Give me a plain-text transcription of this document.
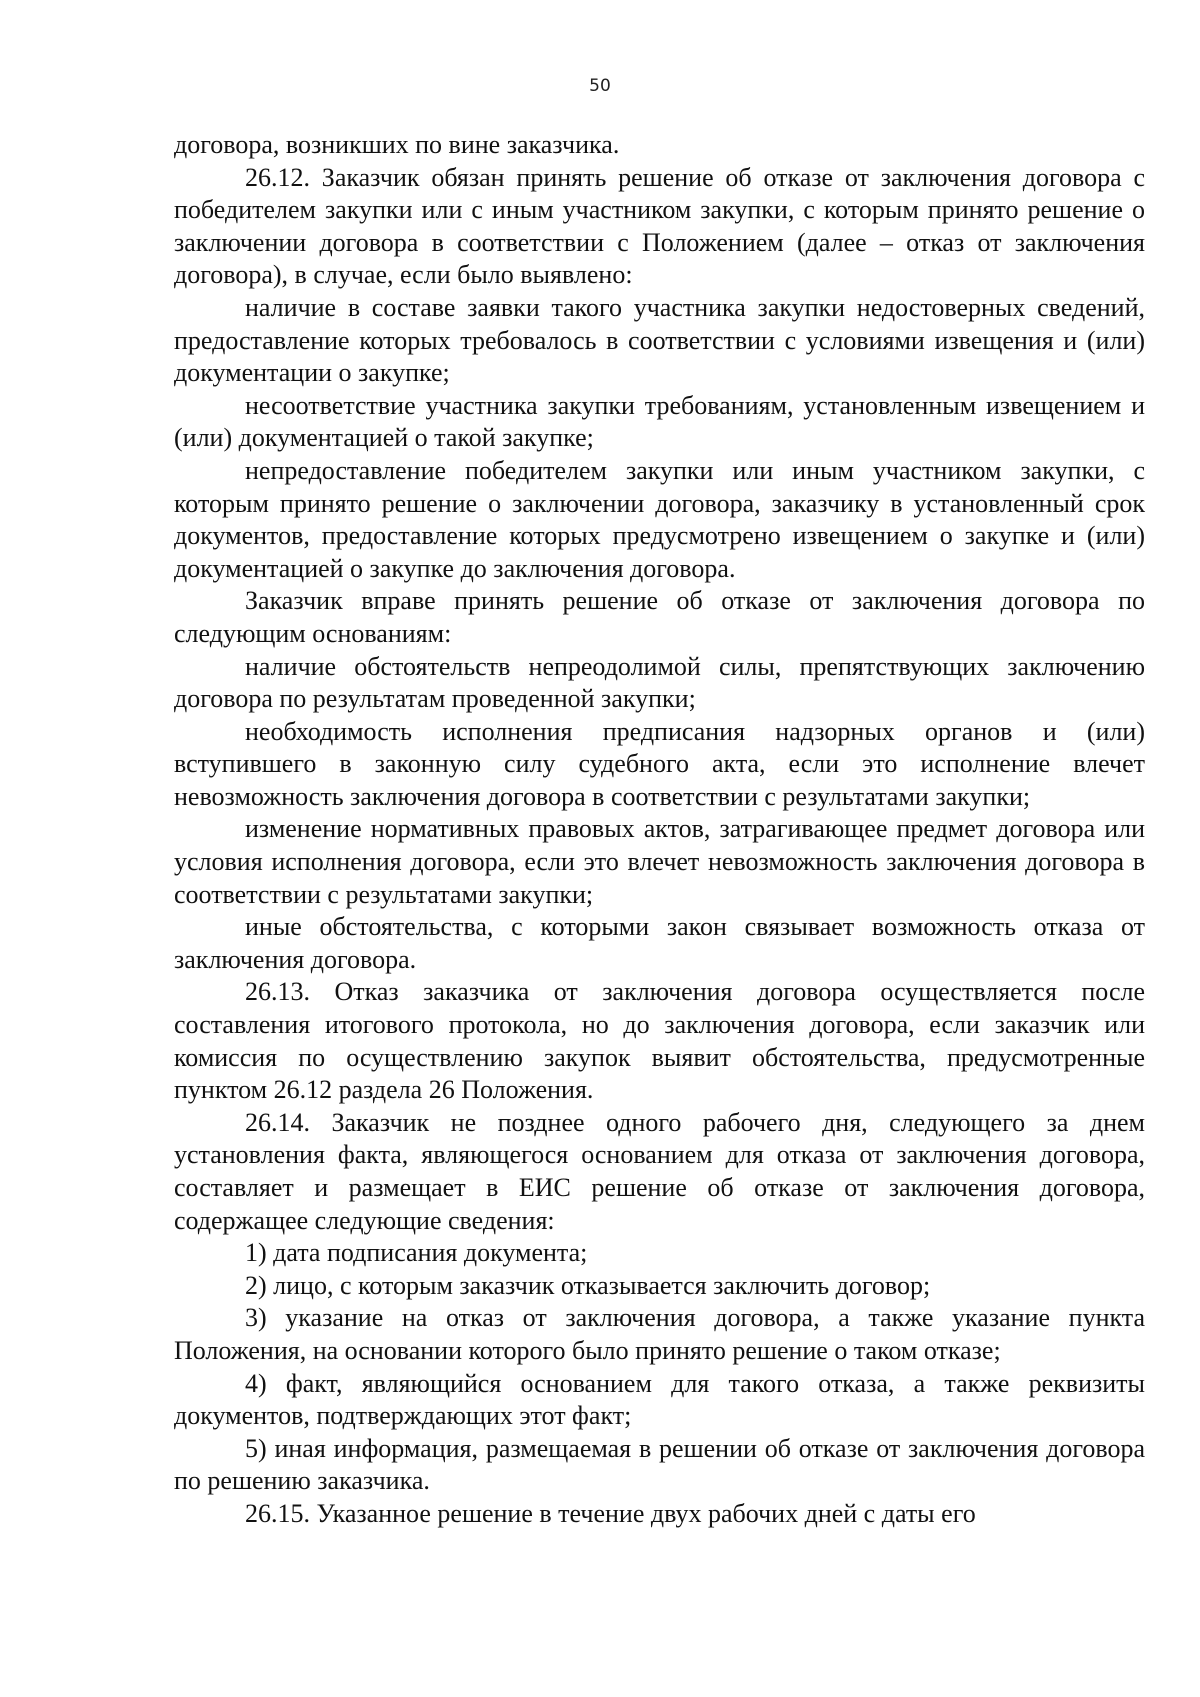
50

договора, возникших по вине заказчика.

26.12. Заказчик обязан принять решение об отказе от заключения договора с победителем закупки или с иным участником закупки, с которым принято решение о заключении договора в соответствии с Положением (далее – отказ от заключения договора), в случае, если было выявлено:

наличие в составе заявки такого участника закупки недостоверных сведений, предоставление которых требовалось в соответствии с условиями извещения и (или) документации о закупке;

несоответствие участника закупки требованиям, установленным извещением и (или) документацией о такой закупке;

непредоставление победителем закупки или иным участником закупки, с которым принято решение о заключении договора, заказчику в установленный срок документов, предоставление которых предусмотрено извещением о закупке и (или) документацией о закупке до заключения договора.

Заказчик вправе принять решение об отказе от заключения договора по следующим основаниям:

наличие обстоятельств непреодолимой силы, препятствующих заключению договора по результатам проведенной закупки;

необходимость исполнения предписания надзорных органов и (или) вступившего в законную силу судебного акта, если это исполнение влечет невозможность заключения договора в соответствии с результатами закупки;

изменение нормативных правовых актов, затрагивающее предмет договора или условия исполнения договора, если это влечет невозможность заключения договора в соответствии с результатами закупки;

иные обстоятельства, с которыми закон связывает возможность отказа от заключения договора.

26.13. Отказ заказчика от заключения договора осуществляется после составления итогового протокола, но до заключения договора, если заказчик или комиссия по осуществлению закупок выявит обстоятельства, предусмотренные пунктом 26.12 раздела 26 Положения.

26.14. Заказчик не позднее одного рабочего дня, следующего за днем установления факта, являющегося основанием для отказа от заключения договора, составляет и размещает в ЕИС решение об отказе от заключения договора, содержащее следующие сведения:

1) дата подписания документа;

2) лицо, с которым заказчик отказывается заключить договор;

3) указание на отказ от заключения договора, а также указание пункта Положения, на основании которого было принято решение о таком отказе;

4) факт, являющийся основанием для такого отказа, а также реквизиты документов, подтверждающих этот факт;

5) иная информация, размещаемая в решении об отказе от заключения договора по решению заказчика.

26.15. Указанное решение в течение двух рабочих дней с даты его
